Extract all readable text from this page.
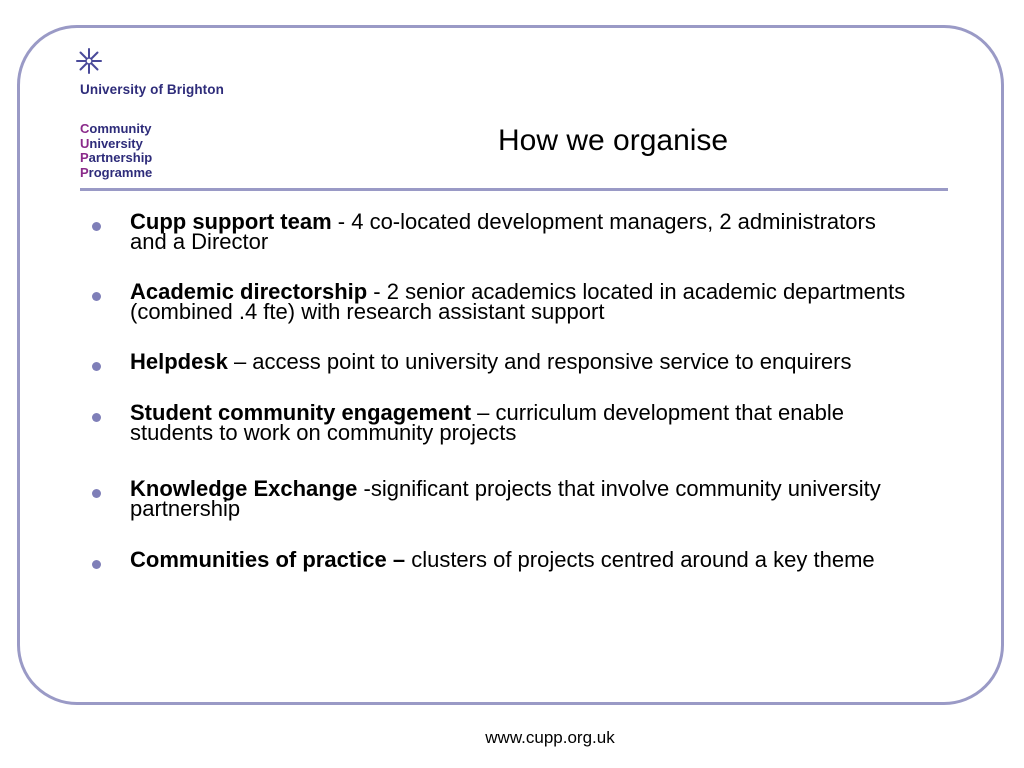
University of Brighton
Community
University
Partnership
Programme
How we organise
Cupp support team - 4 co-located development managers, 2 administrators and a Director
Academic directorship - 2 senior academics located in academic departments (combined .4 fte) with research assistant support
Helpdesk – access point to university and responsive service to enquirers
Student community engagement – curriculum development that enable students to work on community projects
Knowledge Exchange -significant projects that involve community university partnership
Communities of practice – clusters of projects centred around a key theme
www.cupp.org.uk
